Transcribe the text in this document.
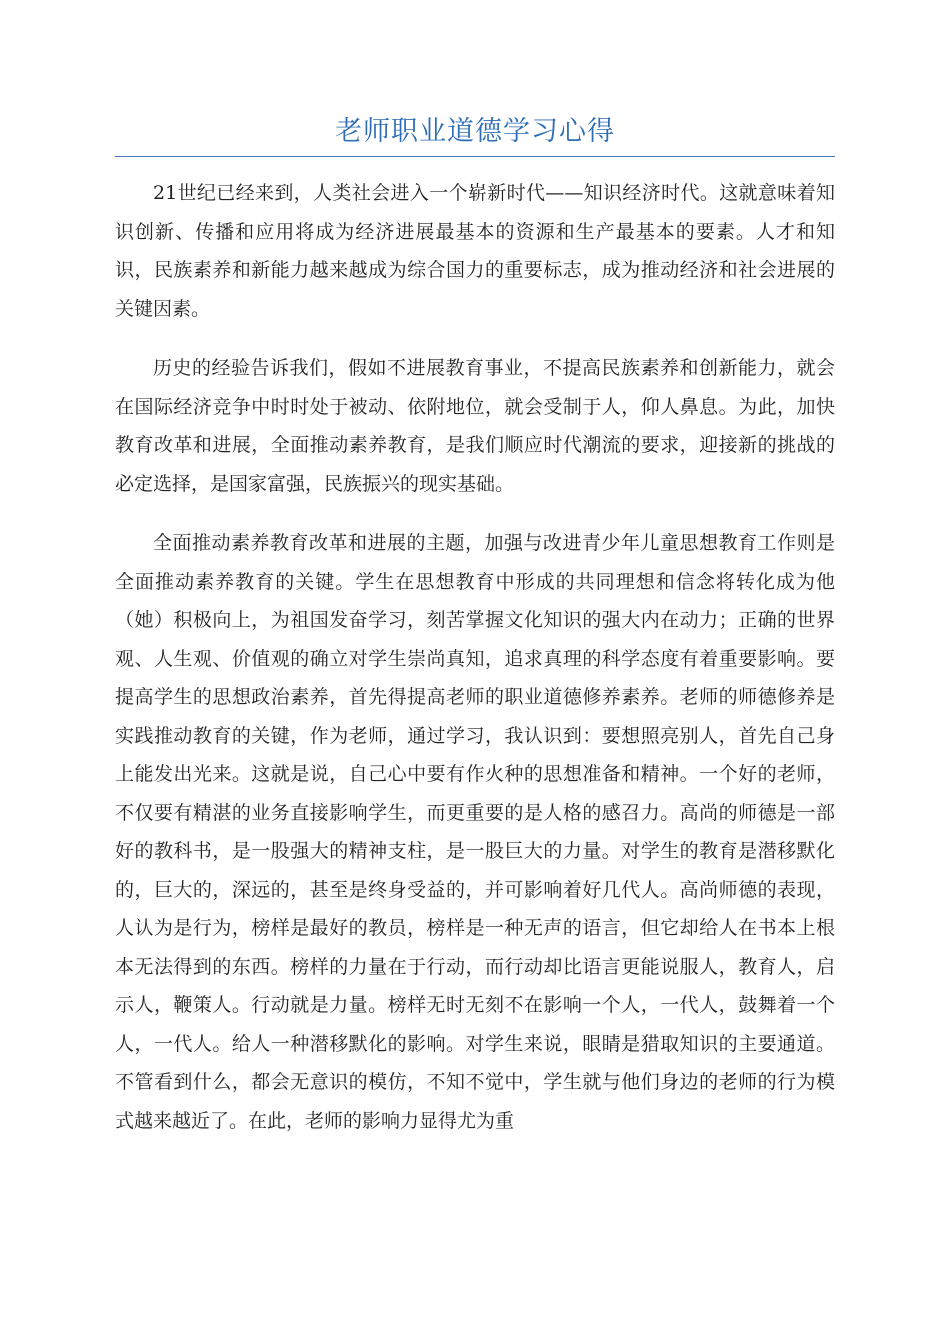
老师职业道德学习心得

21世纪已经来到，人类社会进入一个崭新时代——知识经济时代。这就意味着知识创新、传播和应用将成为经济进展最基本的资源和生产最基本的要素。人才和知识，民族素养和新能力越来越成为综合国力的重要标志，成为推动经济和社会进展的关键因素。

历史的经验告诉我们，假如不进展教育事业，不提高民族素养和创新能力，就会在国际经济竞争中时时处于被动、依附地位，就会受制于人，仰人鼻息。为此，加快教育改革和进展，全面推动素养教育，是我们顺应时代潮流的要求，迎接新的挑战的必定选择，是国家富强，民族振兴的现实基础。

全面推动素养教育改革和进展的主题，加强与改进青少年儿童思想教育工作则是全面推动素养教育的关键。学生在思想教育中形成的共同理想和信念将转化成为他（她）积极向上，为祖国发奋学习，刻苦掌握文化知识的强大内在动力；正确的世界观、人生观、价值观的确立对学生崇尚真知，追求真理的科学态度有着重要影响。要提高学生的思想政治素养，首先得提高老师的职业道德修养素养。老师的师德修养是实践推动教育的关键，作为老师，通过学习，我认识到：要想照亮别人，首先自己身上能发出光来。这就是说，自己心中要有作火种的思想准备和精神。一个好的老师，不仅要有精湛的业务直接影响学生，而更重要的是人格的感召力。高尚的师德是一部好的教科书，是一股强大的精神支柱，是一股巨大的力量。对学生的教育是潜移默化的，巨大的，深远的，甚至是终身受益的，并可影响着好几代人。高尚师德的表现，人认为是行为，榜样是最好的教员，榜样是一种无声的语言，但它却给人在书本上根本无法得到的东西。榜样的力量在于行动，而行动却比语言更能说服人，教育人，启示人，鞭策人。行动就是力量。榜样无时无刻不在影响一个人，一代人，鼓舞着一个人，一代人。给人一种潜移默化的影响。对学生来说，眼睛是猎取知识的主要通道。不管看到什么，都会无意识的模仿，不知不觉中，学生就与他们身边的老师的行为模式越来越近了。在此，老师的影响力显得尤为重
